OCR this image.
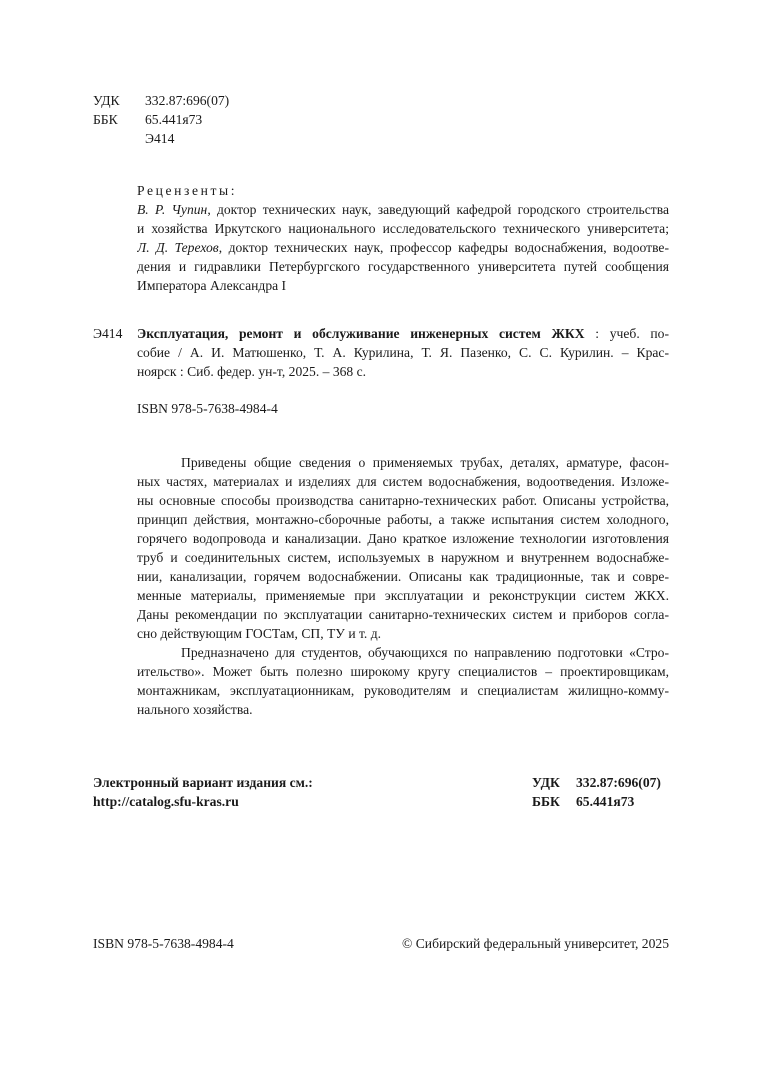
УДК 332.87:696(07)
ББК 65.441я73
Э414
Рецензенты:
В. Р. Чупин, доктор технических наук, заведующий кафедрой городского строительства
и хозяйства Иркутского национального исследовательского технического университета;
Л. Д. Терехов, доктор технических наук, профессор кафедры водоснабжения, водоотве-
дения и гидравлики Петербургского государственного университета путей сообщения
Императора Александра I
Э414 Эксплуатация, ремонт и обслуживание инженерных систем ЖКХ : учеб. по-
собие / А. И. Матюшенко, Т. А. Курилина, Т. Я. Пазенко, С. С. Курилин. – Крас-
ноярск : Сиб. федер. ун-т, 2025. – 368 с.
ISBN 978-5-7638-4984-4
Приведены общие сведения о применяемых трубах, деталях, арматуре, фасон-
ных частях, материалах и изделиях для систем водоснабжения, водоотведения. Изложе-
ны основные способы производства санитарно-технических работ. Описаны устройства,
принцип действия, монтажно-сборочные работы, а также испытания систем холодного,
горячего водопровода и канализации. Дано краткое изложение технологии изготовления
труб и соединительных систем, используемых в наружном и внутреннем водоснабже-
нии, канализации, горячем водоснабжении. Описаны как традиционные, так и совре-
менные материалы, применяемые при эксплуатации и реконструкции систем ЖКХ.
Даны рекомендации по эксплуатации санитарно-технических систем и приборов согла-
сно действующим ГОСТам, СП, ТУ и т. д.
Предназначено для студентов, обучающихся по направлению подготовки «Стро-
ительство». Может быть полезно широкому кругу специалистов – проектировщикам,
монтажникам, эксплуатационникам, руководителям и специалистам жилищно-комму-
нального хозяйства.
Электронный вариант издания см.:
http://catalog.sfu-kras.ru
УДК 332.87:696(07)
ББК 65.441я73
ISBN 978-5-7638-4984-4	© Сибирский федеральный университет, 2025
